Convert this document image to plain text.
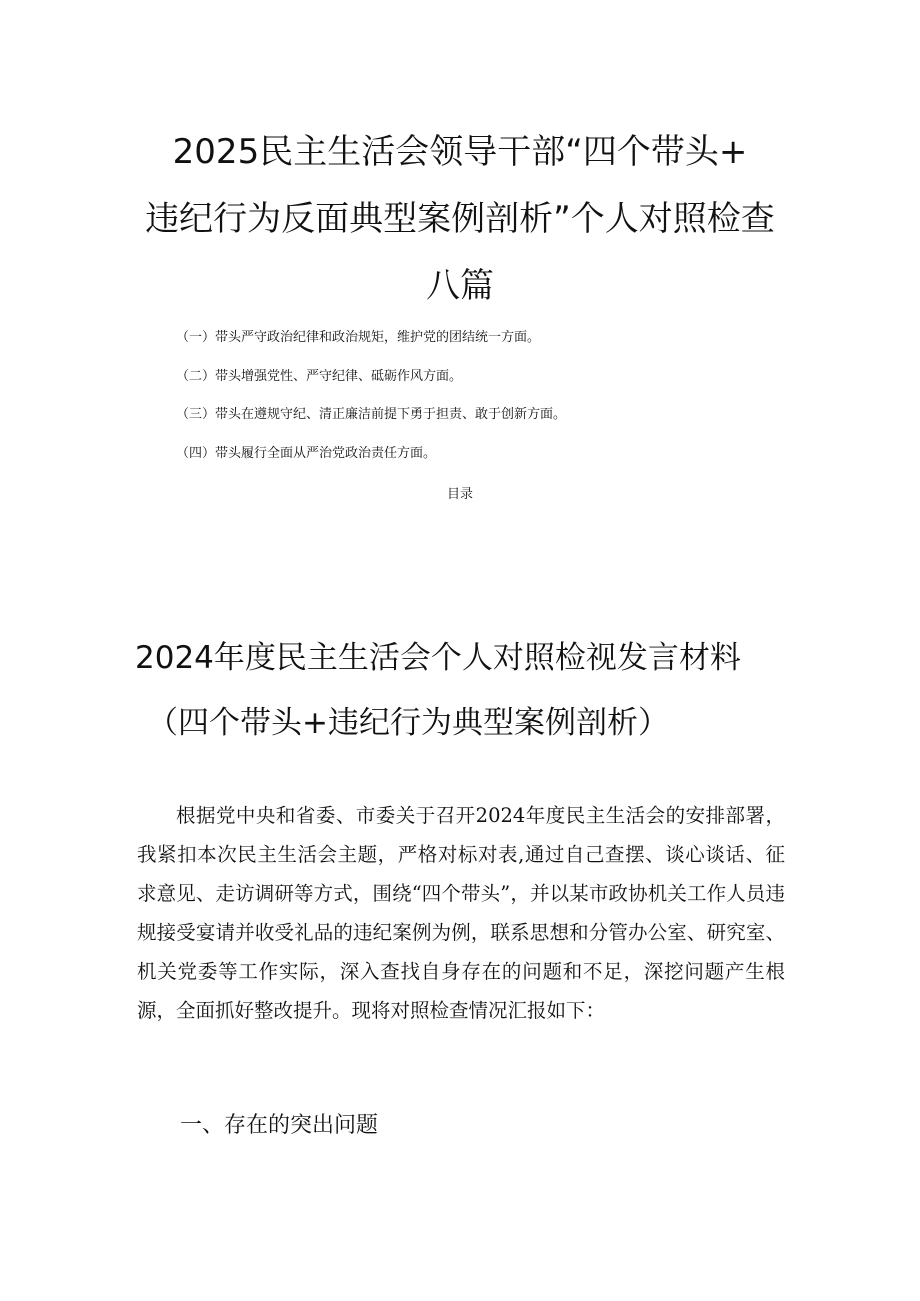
2025民主生活会领导干部“四个带头+
违纪行为反面典型案例剖析”个人对照检查
八篇
（一）带头严守政治纪律和政治规矩，维护党的团结统一方面。
（二）带头增强党性、严守纪律、砥砺作风方面。
（三）带头在遵规守纪、清正廉洁前提下勇于担责、敢于创新方面。
（四）带头履行全面从严治党政治责任方面。
目录
2024年度民主生活会个人对照检视发言材料
（四个带头+违纪行为典型案例剖析）
根据党中央和省委、市委关于召开2024年度民主生活会的安排部署，我紧扣本次民主生活会主题，严格对标对表,通过自己查摆、谈心谈话、征求意见、走访调研等方式，围绕“四个带头”，并以某市政协机关工作人员违规接受宴请并收受礼品的违纪案例为例，联系思想和分管办公室、研究室、机关党委等工作实际，深入查找自身存在的问题和不足，深挖问题产生根源，全面抓好整改提升。现将对照检查情况汇报如下：
一、存在的突出问题
